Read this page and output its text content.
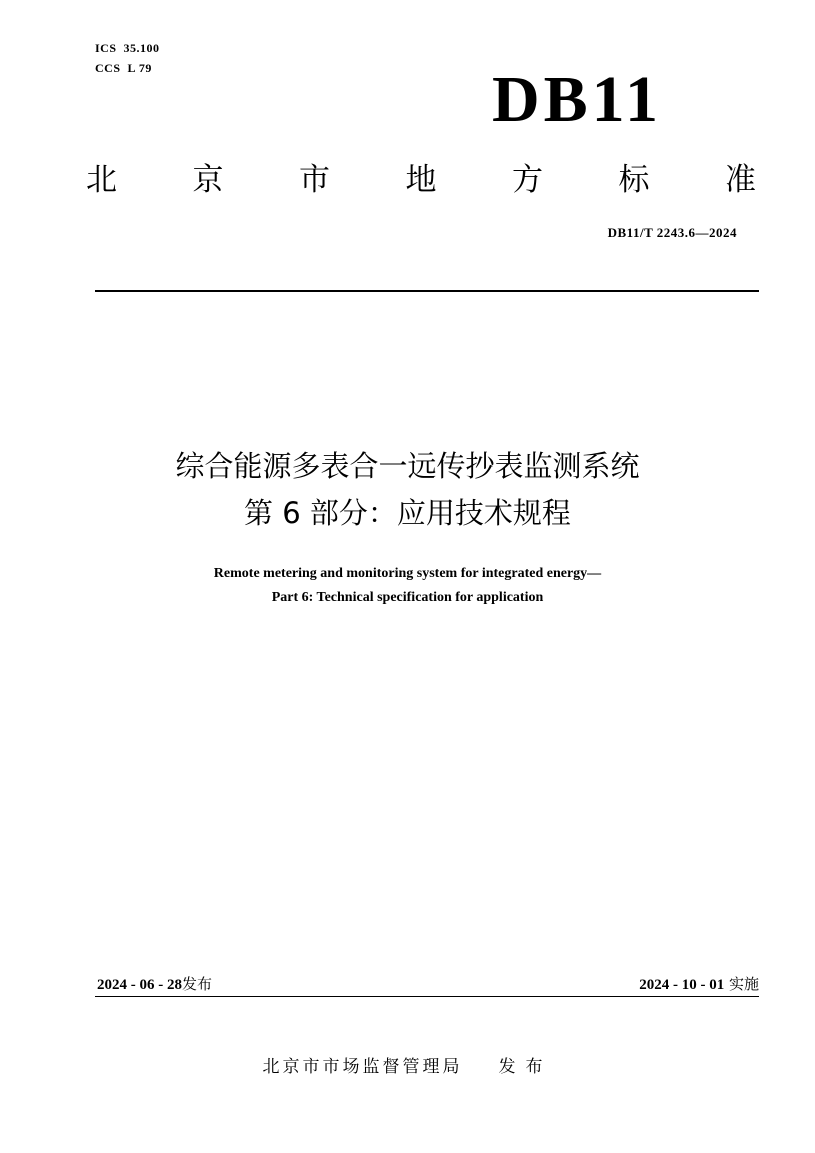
ICS  35.100
CCS  L 79	DB11
北 京 市 地 方 标 准
DB11/T 2243.6—2024
综合能源多表合一远传抄表监测系统
第 6 部分：应用技术规程
Remote metering and monitoring system for integrated energy—
Part 6: Technical specification for application
2024 - 06 - 28发布	2024 - 10 - 01 实施
北京市市场监督管理局 发布
